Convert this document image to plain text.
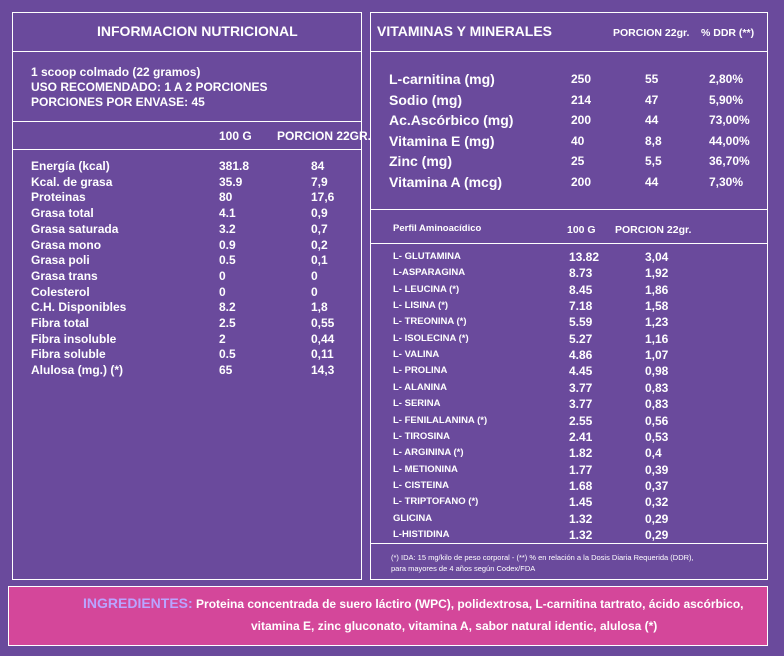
INFORMACION NUTRICIONAL
1 scoop colmado (22 gramos)
USO RECOMENDADO: 1 A 2 PORCIONES
PORCIONES POR ENVASE: 45
100 G PORCION 22GR.
Energía (kcal)	381.8	84
Kcal. de grasa	35.9	7,9
Proteinas	80	17,6
Grasa total	4.1	0,9
Grasa saturada	3.2	0,7
Grasa mono	0.9	0,2
Grasa poli	0.5	0,1
Grasa trans	0	0
Colesterol	0	0
C.H. Disponibles	8.2	1,8
Fibra total	2.5	0,55
Fibra insoluble	2	0,44
Fibra soluble	0.5	0,11
Alulosa (mg.) (*)	65	14,3
VITAMINAS Y MINERALES	PORCION 22gr. % DDR (**)
L-carnitina (mg)	250	55	2,80%
Sodio (mg)	214	47	5,90%
Ac.Ascórbico (mg)	200	44	73,00%
Vitamina E (mg)	40	8,8	44,00%
Zinc (mg)	25	5,5	36,70%
Vitamina A (mcg)	200	44	7,30%
Perfil Aminoacídico	100 G PORCION 22gr.
L- GLUTAMINA	13.82	3,04
L-ASPARAGINA	8.73	1,92
L- LEUCINA (*)	8.45	1,86
L- LISINA (*)	7.18	1,58
L- TREONINA (*)	5.59	1,23
L- ISOLECINA (*)	5.27	1,16
L- VALINA	4.86	1,07
L- PROLINA	4.45	0,98
L- ALANINA	3.77	0,83
L- SERINA	3.77	0,83
L- FENILALANINA (*)	2.55	0,56
L- TIROSINA	2.41	0,53
L- ARGININA (*)	1.82	0,4
L- METIONINA	1.77	0,39
L- CISTEINA	1.68	0,37
L- TRIPTOFANO (*)	1.45	0,32
GLICINA	1.32	0,29
L-HISTIDINA	1.32	0,29
(*) IDA: 15 mg/kilo de peso corporal - (**) % en relación a la Dosis Diaria Requerida (DDR),
para mayores de 4 años según Codex/FDA
INGREDIENTES: Proteina concentrada de suero láctiro (WPC), polidextrosa, L-carnitina tartrato, ácido ascórbico,
vitamina E, zinc gluconato, vitamina A, sabor natural identic, alulosa (*)
